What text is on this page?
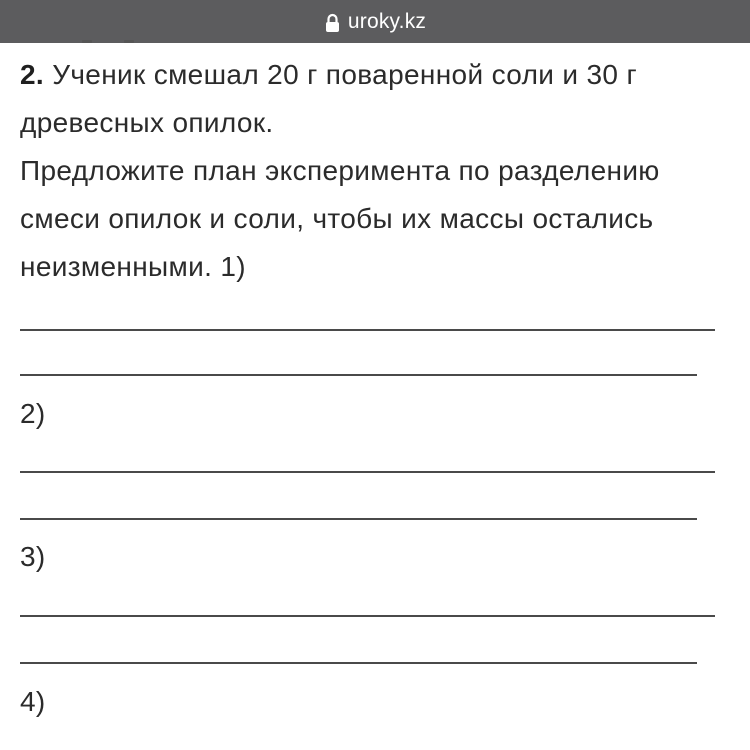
uroky.kz

2. Ученик смешал 20 г поваренной соли и 30 г древесных опилок.

Предложите план эксперимента по разделению смеси опилок и соли, чтобы их массы остались неизменными. 1)

2)
3)
4)
